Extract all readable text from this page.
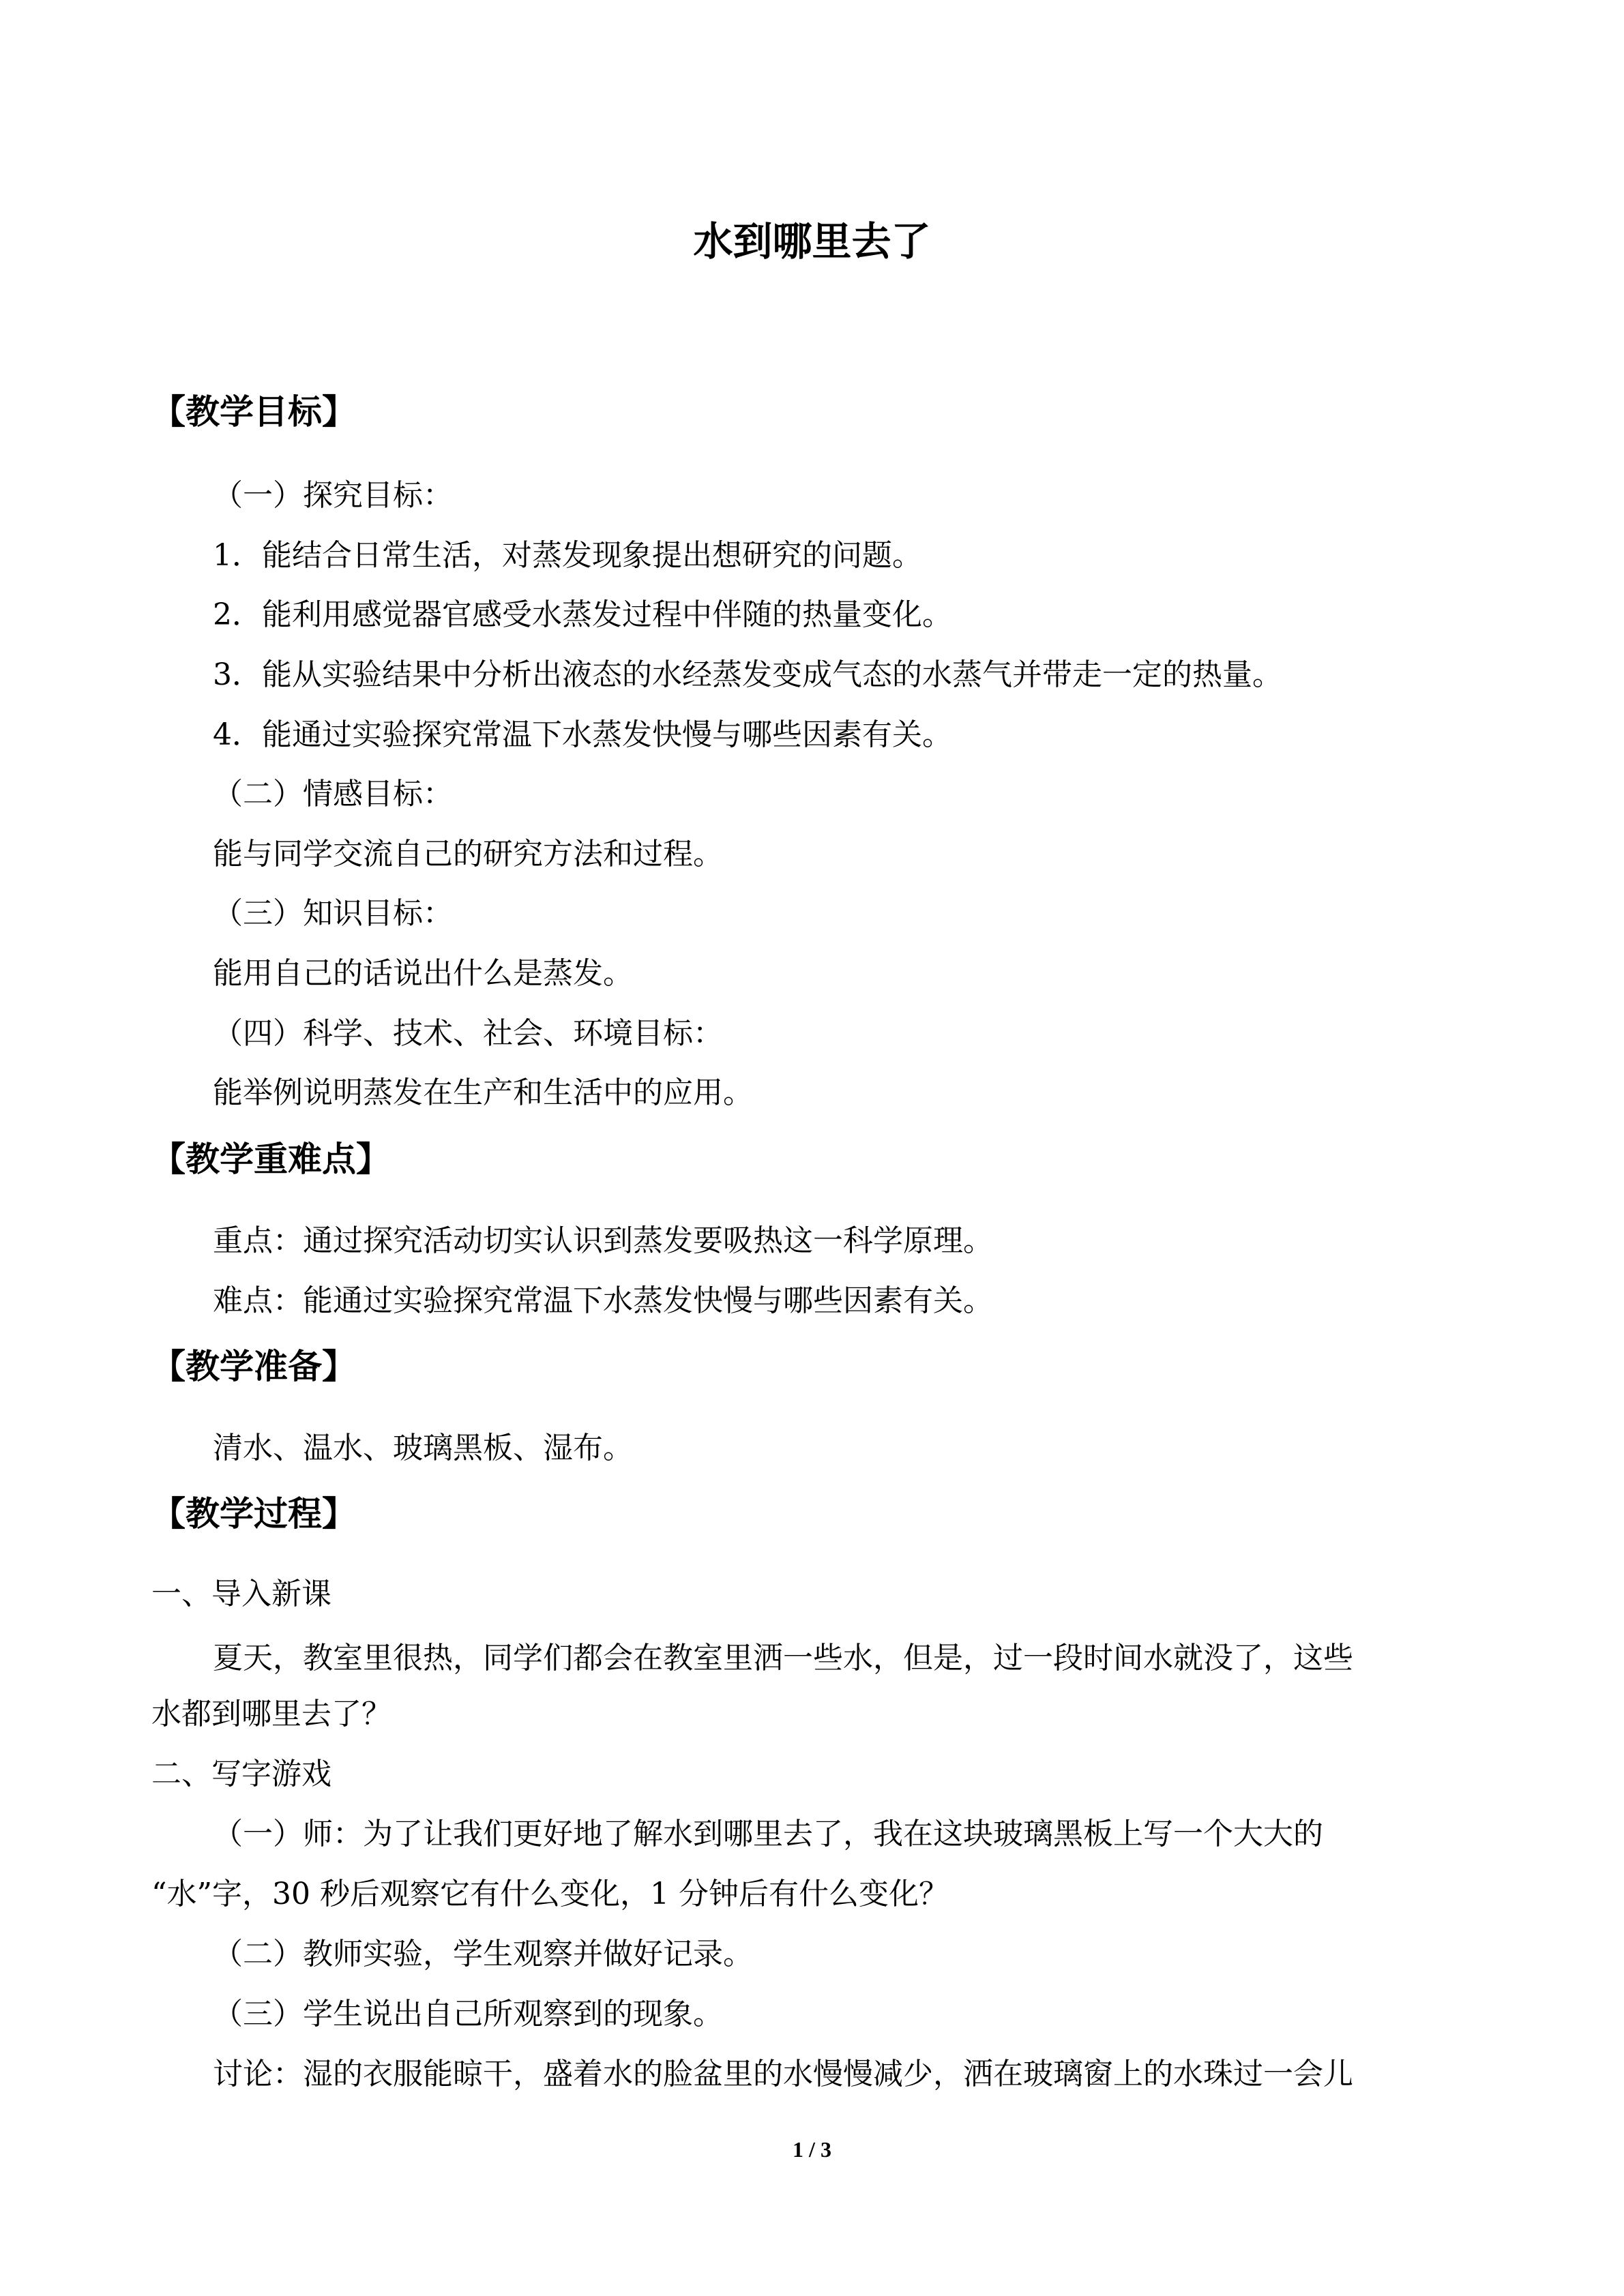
水到哪里去了
【教学目标】
（一）探究目标：
1．能结合日常生活，对蒸发现象提出想研究的问题。
2．能利用感觉器官感受水蒸发过程中伴随的热量变化。
3．能从实验结果中分析出液态的水经蒸发变成气态的水蒸气并带走一定的热量。
4．能通过实验探究常温下水蒸发快慢与哪些因素有关。
（二）情感目标：
能与同学交流自己的研究方法和过程。
（三）知识目标：
能用自己的话说出什么是蒸发。
（四）科学、技术、社会、环境目标：
能举例说明蒸发在生产和生活中的应用。
【教学重难点】
重点：通过探究活动切实认识到蒸发要吸热这一科学原理。
难点：能通过实验探究常温下水蒸发快慢与哪些因素有关。
【教学准备】
清水、温水、玻璃黑板、湿布。
【教学过程】
一、导入新课
夏天，教室里很热，同学们都会在教室里洒一些水，但是，过一段时间水就没了，这些
水都到哪里去了？
二、写字游戏
（一）师：为了让我们更好地了解水到哪里去了，我在这块玻璃黑板上写一个大大的
“水”字，30 秒后观察它有什么变化，1 分钟后有什么变化？
（二）教师实验，学生观察并做好记录。
（三）学生说出自己所观察到的现象。
讨论：湿的衣服能晾干，盛着水的脸盆里的水慢慢减少，洒在玻璃窗上的水珠过一会儿
1 / 3
